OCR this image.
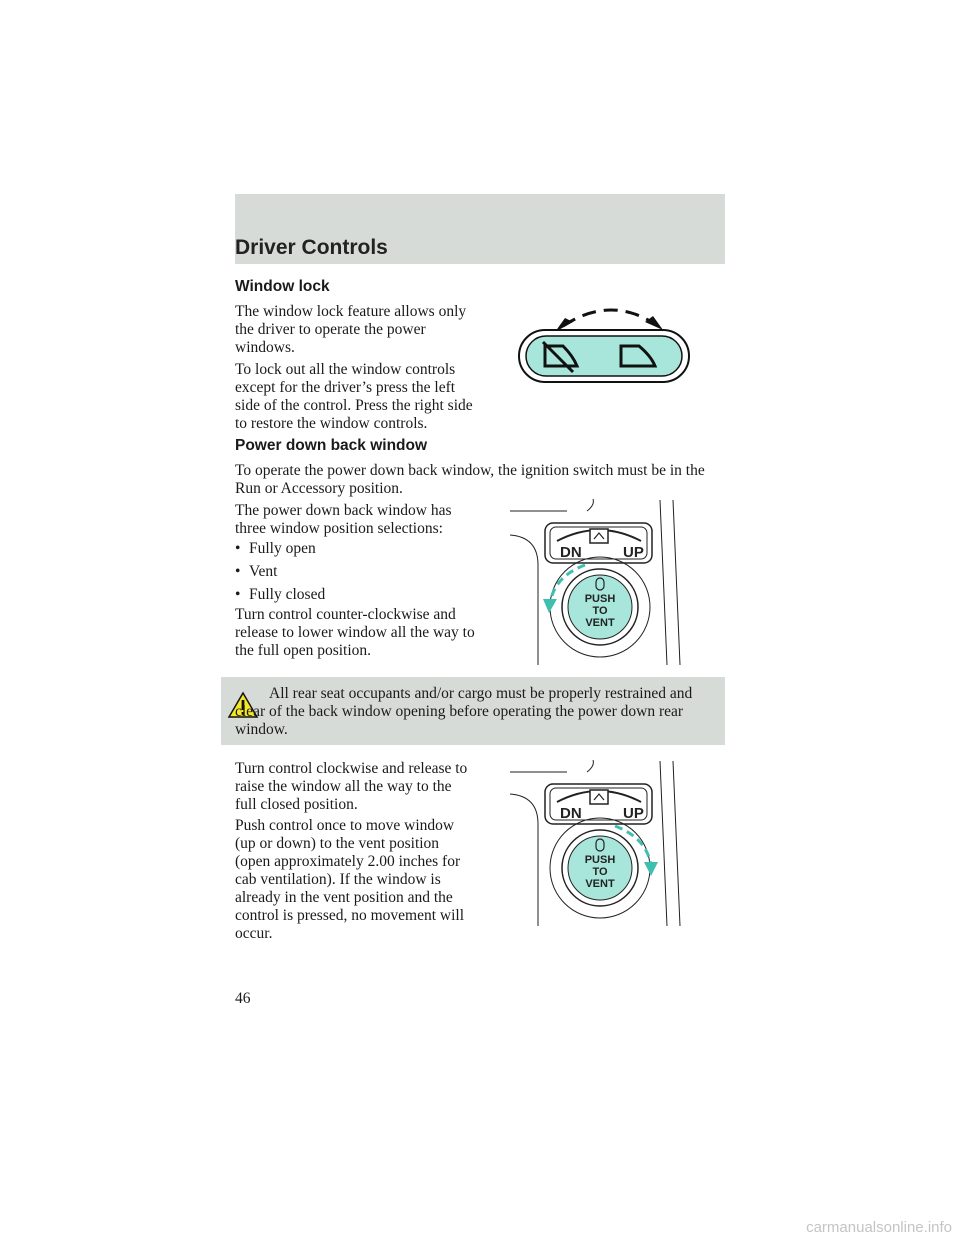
Driver Controls
Window lock

The window lock feature allows only the driver to operate the power windows.

To lock out all the window controls except for the driver’s press the left side of the control. Press the right side to restore the window controls.

Power down back window

To operate the power down back window, the ignition switch must be in the Run or Accessory position.

The power down back window has three window position selections:

• Fully open
• Vent
• Fully closed

Turn control counter-clockwise and release to lower window all the way to the full open position.

DN	UP
PUSH
TO
VENT

All rear seat occupants and/or cargo must be properly restrained and clear of the back window opening before operating the power down rear window.

Turn control clockwise and release to raise the window all the way to the full closed position.

Push control once to move window (up or down) to the vent position (open approximately 2.00 inches for cab ventilation). If the window is already in the vent position and the control is pressed, no movement will occur.

DN	UP
PUSH
TO
VENT
46
carmanualsonline.info
